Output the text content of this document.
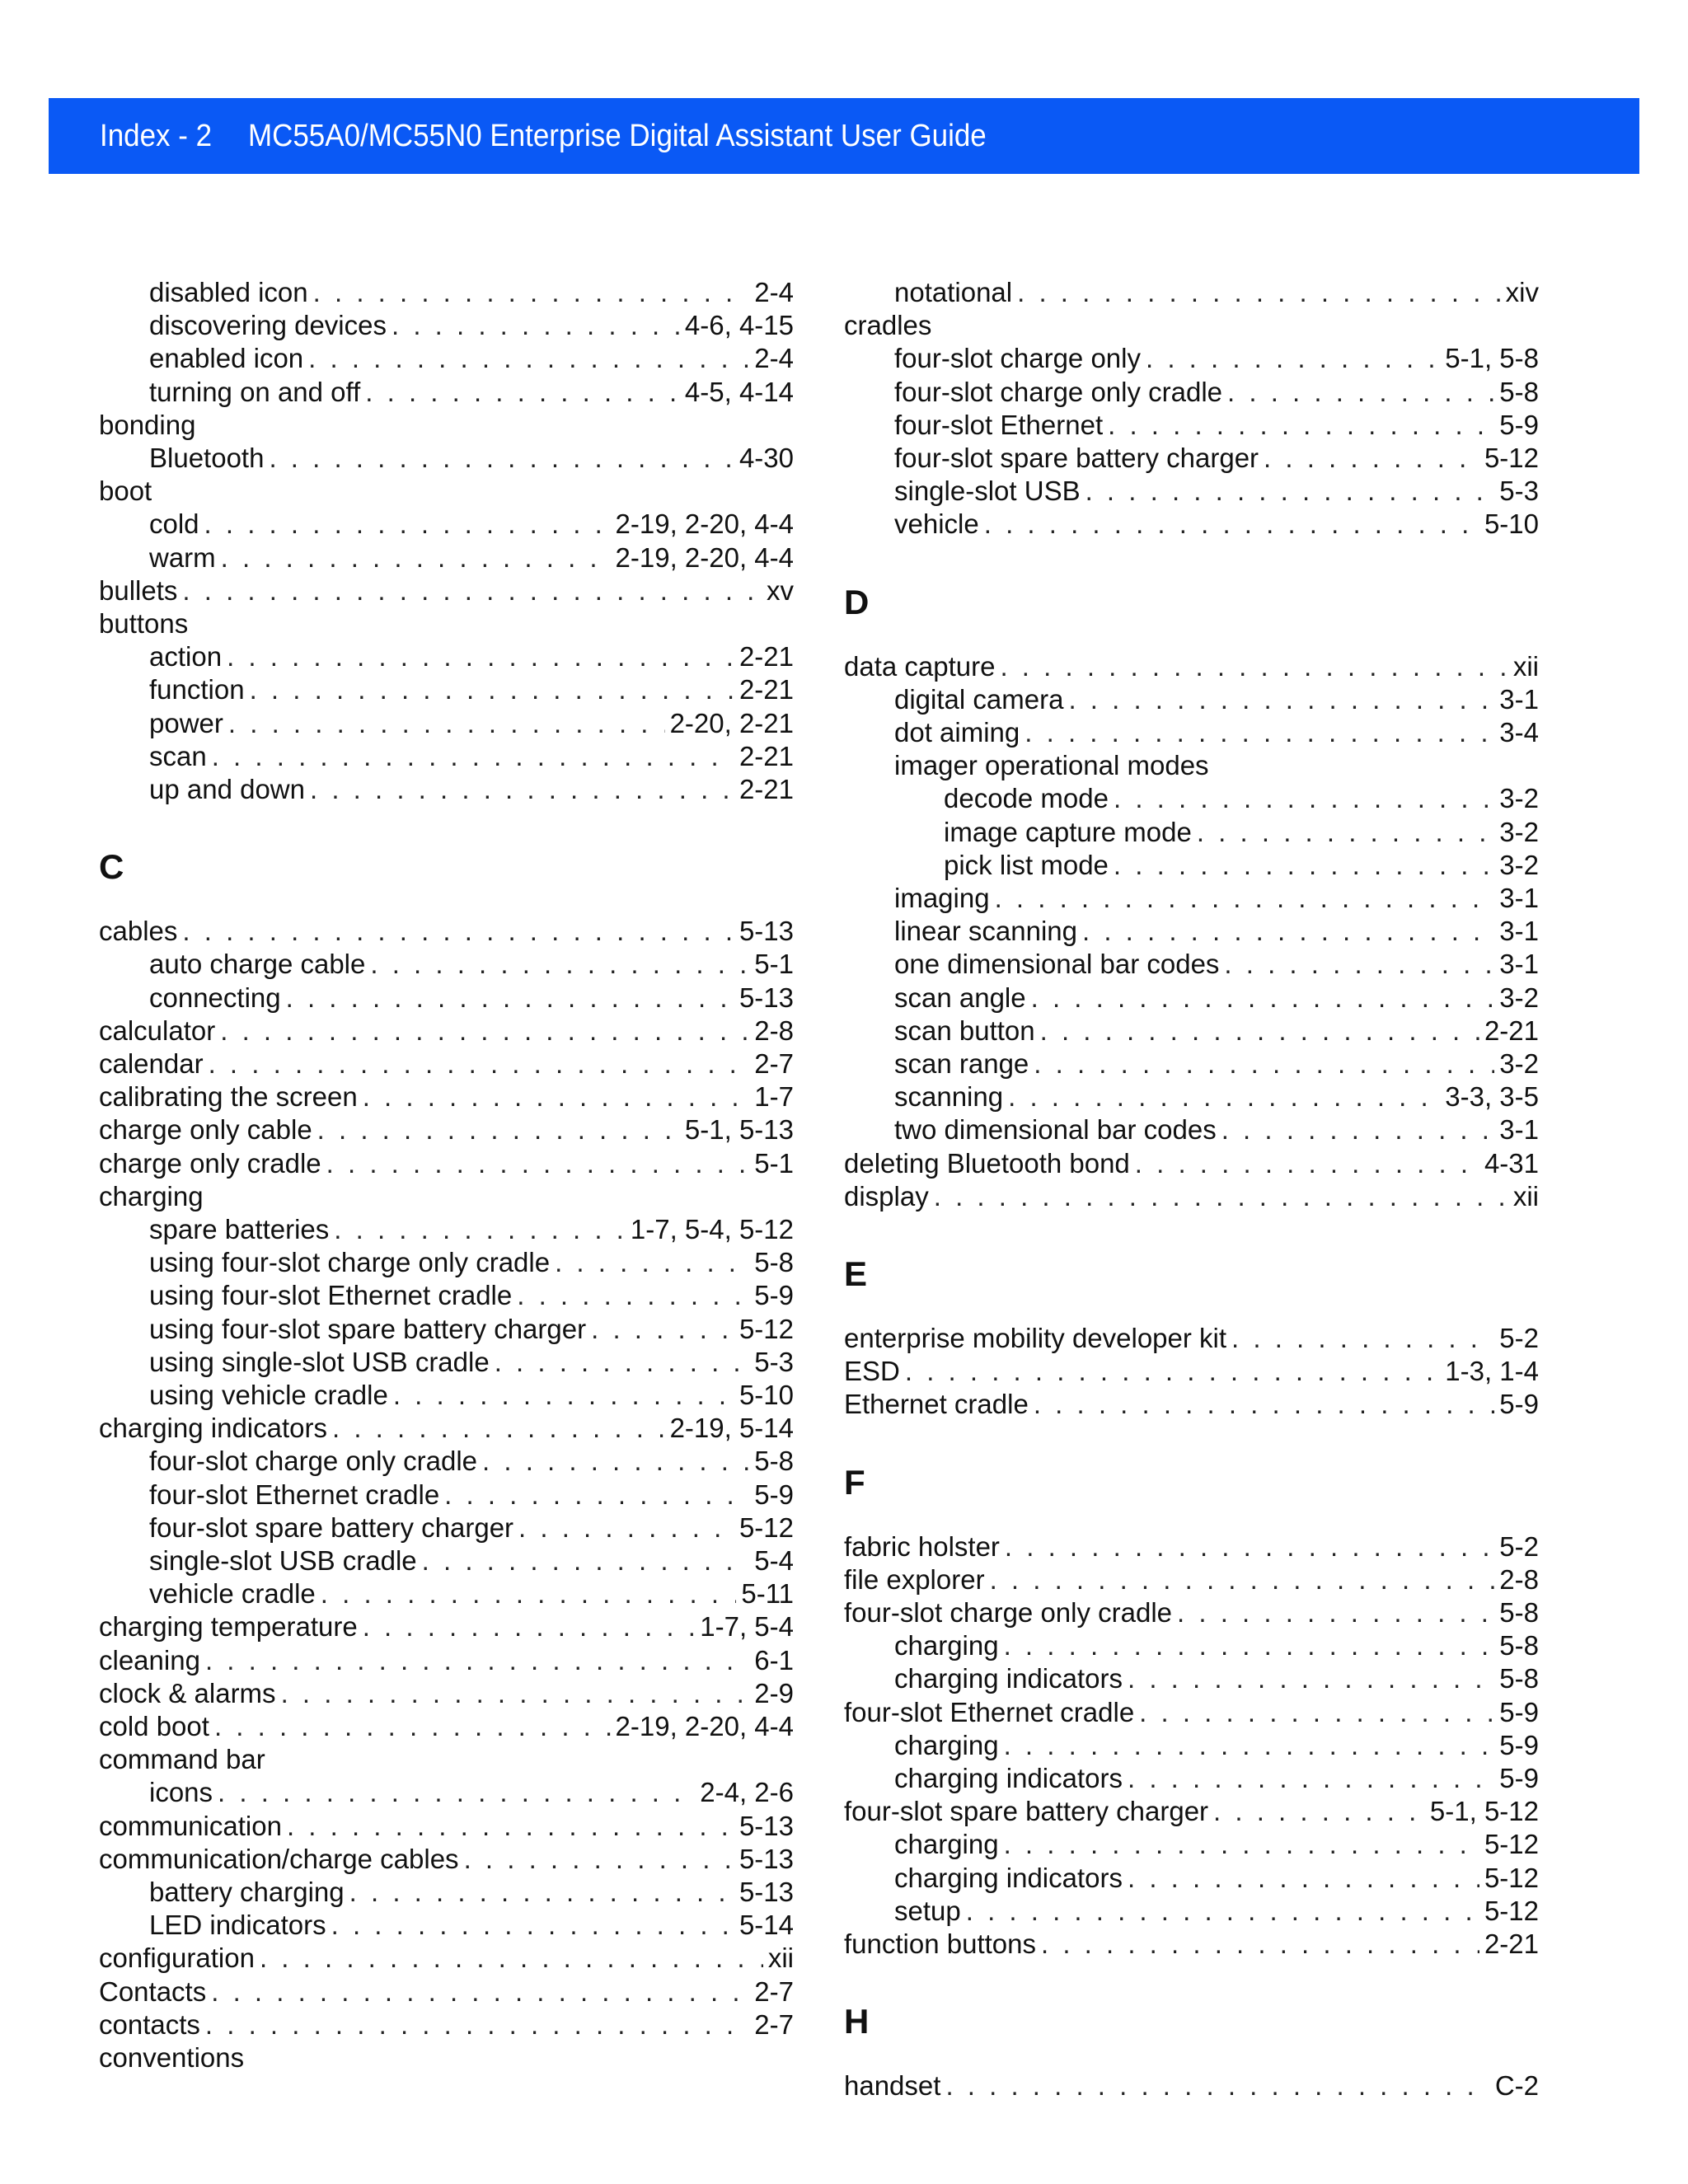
Index - 2 MC55A0/MC55N0 Enterprise Digital Assistant User Guide
disabled icon . . .	2-4
discovering devices . . .	4-6, 4-15
enabled icon . . .	2-4
turning on and off . . .	4-5, 4-14
bonding
Bluetooth . . .	4-30
boot
cold . . .	2-19, 2-20, 4-4
warm . . .	2-19, 2-20, 4-4
bullets . . .	xv
buttons
action . . .	2-21
function . . .	2-21
power . . .	2-20, 2-21
scan . . .	2-21
up and down . . .	2-21
C
cables . . .	5-13
auto charge cable . . .	5-1
connecting . . .	5-13
calculator . . .	2-8
calendar . . .	2-7
calibrating the screen . . .	1-7
charge only cable . . .	5-1, 5-13
charge only cradle . . .	5-1
charging
spare batteries . . .	1-7, 5-4, 5-12
using four-slot charge only cradle . . .	5-8
using four-slot Ethernet cradle . . .	5-9
using four-slot spare battery charger . . .	5-12
using single-slot USB cradle . . .	5-3
using vehicle cradle . . .	5-10
charging indicators . . .	2-19, 5-14
four-slot charge only cradle . . .	5-8
four-slot Ethernet cradle . . .	5-9
four-slot spare battery charger . . .	5-12
single-slot USB cradle . . .	5-4
vehicle cradle . . .	5-11
charging temperature . . .	1-7, 5-4
cleaning . . .	6-1
clock & alarms . . .	2-9
cold boot . . .	2-19, 2-20, 4-4
command bar
icons . . .	2-4, 2-6
communication . . .	5-13
communication/charge cables . . .	5-13
battery charging . . .	5-13
LED indicators . . .	5-14
configuration . . .	xii
Contacts . . .	2-7
contacts . . .	2-7
conventions
notational . . .	xiv
cradles
four-slot charge only . . .	5-1, 5-8
four-slot charge only cradle . . .	5-8
four-slot Ethernet . . .	5-9
four-slot spare battery charger . . .	5-12
single-slot USB . . .	5-3
vehicle . . .	5-10
D
data capture . . .	xii
digital camera . . .	3-1
dot aiming . . .	3-4
imager operational modes
decode mode . . .	3-2
image capture mode . . .	3-2
pick list mode . . .	3-2
imaging . . .	3-1
linear scanning . . .	3-1
one dimensional bar codes . . .	3-1
scan angle . . .	3-2
scan button . . .	2-21
scan range . . .	3-2
scanning . . .	3-3, 3-5
two dimensional bar codes . . .	3-1
deleting Bluetooth bond . . .	4-31
display . . .	xii
E
enterprise mobility developer kit . . .	5-2
ESD . . .	1-3, 1-4
Ethernet cradle . . .	5-9
F
fabric holster . . .	5-2
file explorer . . .	2-8
four-slot charge only cradle . . .	5-8
charging . . .	5-8
charging indicators . . .	5-8
four-slot Ethernet cradle . . .	5-9
charging . . .	5-9
charging indicators . . .	5-9
four-slot spare battery charger . . .	5-1, 5-12
charging . . .	5-12
charging indicators . . .	5-12
setup . . .	5-12
function buttons . . .	2-21
H
handset . . .	C-2
